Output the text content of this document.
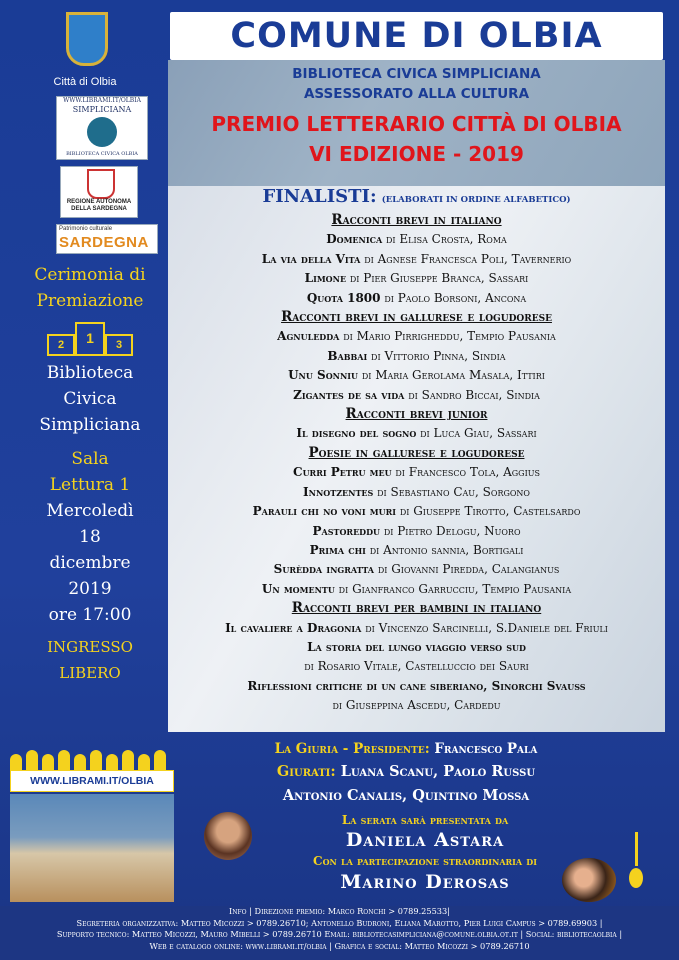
Città di Olbia
WWW.LIBRAMI.IT/OLBIA
SIMPLICIANA
BIBLIOTECA CIVICA OLBIA
REGIONE AUTONOMA
DELLA SARDEGNA
Patrimonio culturale
SARDEGNA
Cerimonia di
Premiazione
2	1	3
Biblioteca
Civica
Simpliciana
Sala
Lettura 1
Mercoledì
18
dicembre
2019
ore 17:00
INGRESSO
LIBERO
WWW.LIBRAMI.IT/OLBIA
COMUNE DI OLBIA
BIBLIOTECA CIVICA SIMPLICIANA
ASSESSORATO ALLA CULTURA
PREMIO LETTERARIO CITTÀ DI OLBIA
VI EDIZIONE - 2019
FINALISTI: (ELABORATI IN ORDINE ALFABETICO)
Racconti brevi in italiano
Domenica di Elisa Crosta, Roma
La via della Vita di Agnese Francesca Poli, Tavernerio
Limone di Pier Giuseppe Branca, Sassari
Quota 1800 di Paolo Borsoni, Ancona
Racconti brevi in gallurese e logudorese
Agnuledda di Mario Pirrigheddu, Tempio Pausania
Babbai di Vittorio Pinna, Sindia
Unu Sonniu di Maria Gerolama Masala, Ittiri
Zigantes de sa vida di Sandro Biccai, Sindia
Racconti brevi junior
Il disegno del sogno di Luca Giau, Sassari
Poesie in gallurese e logudorese
Curri Petru meu di Francesco Tola, Aggius
Innotzentes di Sebastiano Cau, Sorgono
Parauli chi no voni muri di Giuseppe Tirotto, Castelsardo
Pastoreddu di Pietro Delogu, Nuoro
Prima chi di Antonio sannia, Bortigali
Surèdda ingratta di Giovanni Piredda, Calangianus
Un momentu di Gianfranco Garrucciu, Tempio Pausania
Racconti brevi per bambini in italiano
Il cavaliere a Dragonia di Vincenzo Sarcinelli, S.Daniele del Friuli
La storia del lungo viaggio verso sud
di Rosario Vitale, Castelluccio dei Sauri
Riflessioni critiche di un cane siberiano, Sinorchi Svauss
di Giuseppina Ascedu, Cardedu
La Giuria - Presidente: Francesco Pala
Giurati: Luana Scanu, Paolo Russu
Antonio Canalis, Quintino Mossa
La serata sarà presentata da
Daniela Astara
Con la partecipazione straordinaria di
Marino Derosas
Info | Direzione premio: Marco Ronchi > 0789.25533|
Segreteria organizzativa: Matteo Micozzi > 0789.26710; Antonello Budroni, Eliana Marotto, Pier Luigi Campus > 0789.69903 |
Supporto tecnico: Matteo Micozzi, Mauro Mibelli > 0789.26710 Email: bibliotecasimpliciana@comune.olbia.ot.it | Social: bibliotecaolbia |
Web e catalogo online: www.librami.it/olbia | Grafica e social: Matteo Micozzi > 0789.26710
